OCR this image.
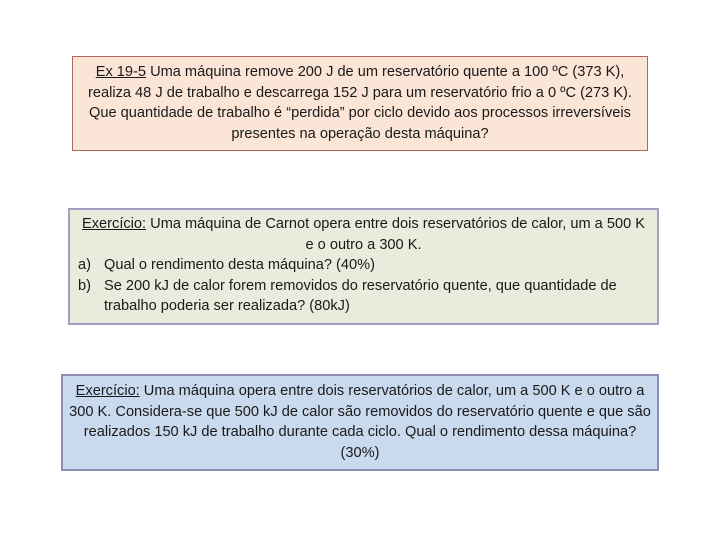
Ex 19-5 Uma máquina remove 200 J de um reservatório quente a 100 ºC (373 K), realiza 48 J de trabalho e descarrega 152 J para um reservatório frio a 0 ºC (273 K). Que quantidade de trabalho é “perdida” por ciclo devido aos processos irreversíveis presentes na operação desta máquina?
Exercício: Uma máquina de Carnot opera entre dois reservatórios de calor, um a 500 K e o outro a 300 K.
a) Qual o rendimento desta máquina? (40%)
b) Se 200 kJ de calor forem removidos do reservatório quente, que quantidade de trabalho poderia ser realizada? (80kJ)
Exercício: Uma máquina opera entre dois reservatórios de calor, um a 500 K e o outro a 300 K. Considera-se que 500 kJ de calor são removidos do reservatório quente e que são realizados 150 kJ de trabalho durante cada ciclo. Qual o rendimento dessa máquina? (30%)
